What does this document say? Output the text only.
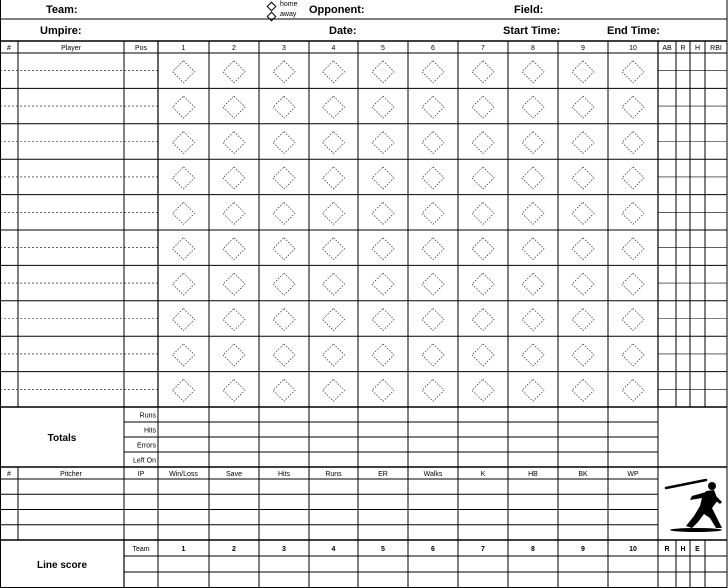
Team:	home
away Opponent:	Field:
Umpire:	Date:	Start Time:	End Time:
#	Player	Pos	1	2	3	4	5	6	7	8	9	10	AB R H RBI
Totals
Runs
Hits
Errors
Left On
#	Pitcher	IP	Win/Loss	Save	Hits	Runs	ER	Walks	K	HB	BK	WP
Line score
Team	1	2	3	4	5	6	7	8	9	10	R H E
